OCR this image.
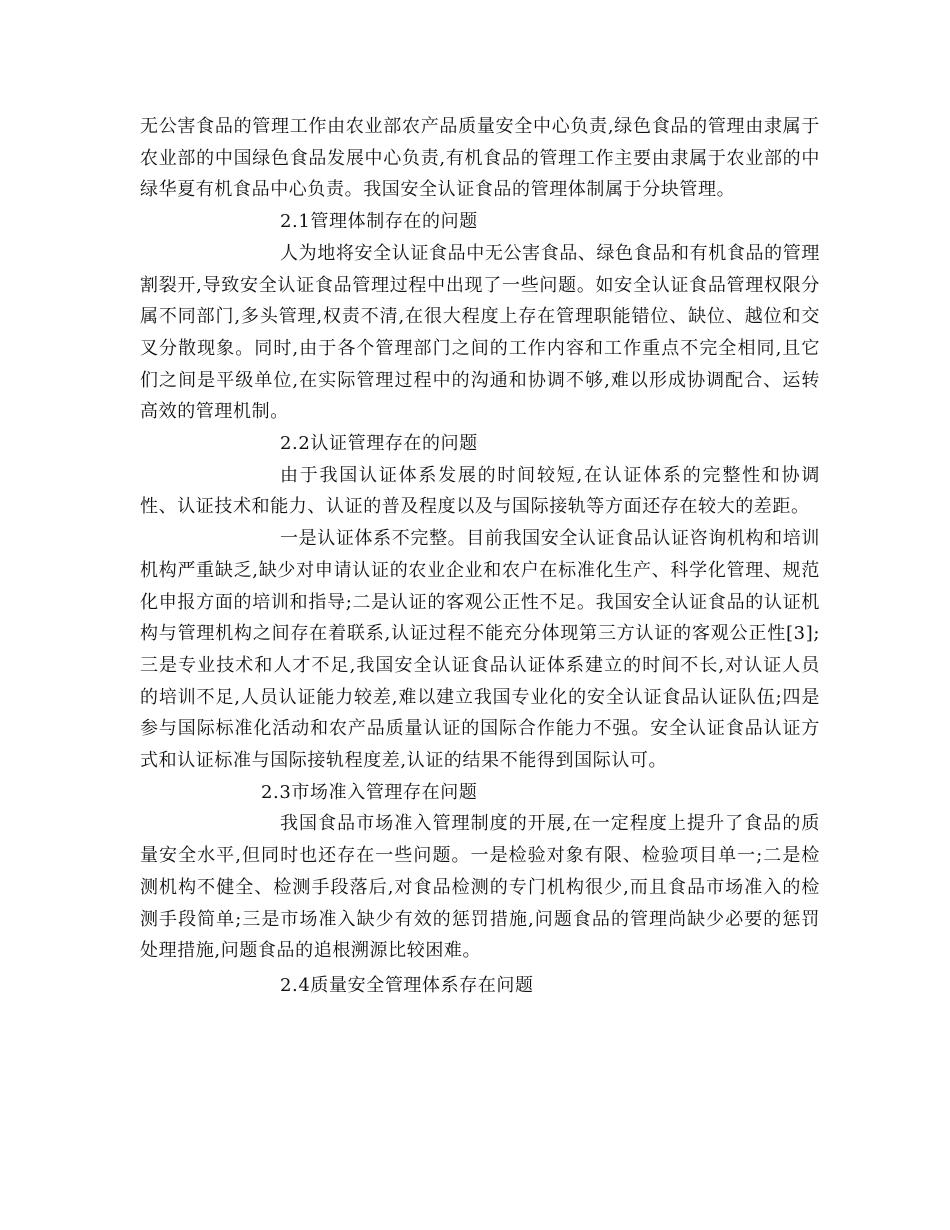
无公害食品的管理工作由农业部农产品质量安全中心负责,绿色食品的管理由隶属于农业部的中国绿色食品发展中心负责,有机食品的管理工作主要由隶属于农业部的中绿华夏有机食品中心负责。我国安全认证食品的管理体制属于分块管理。

2.1管理体制存在的问题

人为地将安全认证食品中无公害食品、绿色食品和有机食品的管理割裂开,导致安全认证食品管理过程中出现了一些问题。如安全认证食品管理权限分属不同部门,多头管理,权责不清,在很大程度上存在管理职能错位、缺位、越位和交叉分散现象。同时,由于各个管理部门之间的工作内容和工作重点不完全相同,且它们之间是平级单位,在实际管理过程中的沟通和协调不够,难以形成协调配合、运转高效的管理机制。

2.2认证管理存在的问题

由于我国认证体系发展的时间较短,在认证体系的完整性和协调性、认证技术和能力、认证的普及程度以及与国际接轨等方面还存在较大的差距。

一是认证体系不完整。目前我国安全认证食品认证咨询机构和培训机构严重缺乏,缺少对申请认证的农业企业和农户在标准化生产、科学化管理、规范化申报方面的培训和指导;二是认证的客观公正性不足。我国安全认证食品的认证机构与管理机构之间存在着联系,认证过程不能充分体现第三方认证的客观公正性[3];三是专业技术和人才不足,我国安全认证食品认证体系建立的时间不长,对认证人员的培训不足,人员认证能力较差,难以建立我国专业化的安全认证食品认证队伍;四是参与国际标准化活动和农产品质量认证的国际合作能力不强。安全认证食品认证方式和认证标准与国际接轨程度差,认证的结果不能得到国际认可。

2.3市场准入管理存在问题

我国食品市场准入管理制度的开展,在一定程度上提升了食品的质量安全水平,但同时也还存在一些问题。一是检验对象有限、检验项目单一;二是检测机构不健全、检测手段落后,对食品检测的专门机构很少,而且食品市场准入的检测手段简单;三是市场准入缺少有效的惩罚措施,问题食品的管理尚缺少必要的惩罚处理措施,问题食品的追根溯源比较困难。

2.4质量安全管理体系存在问题
